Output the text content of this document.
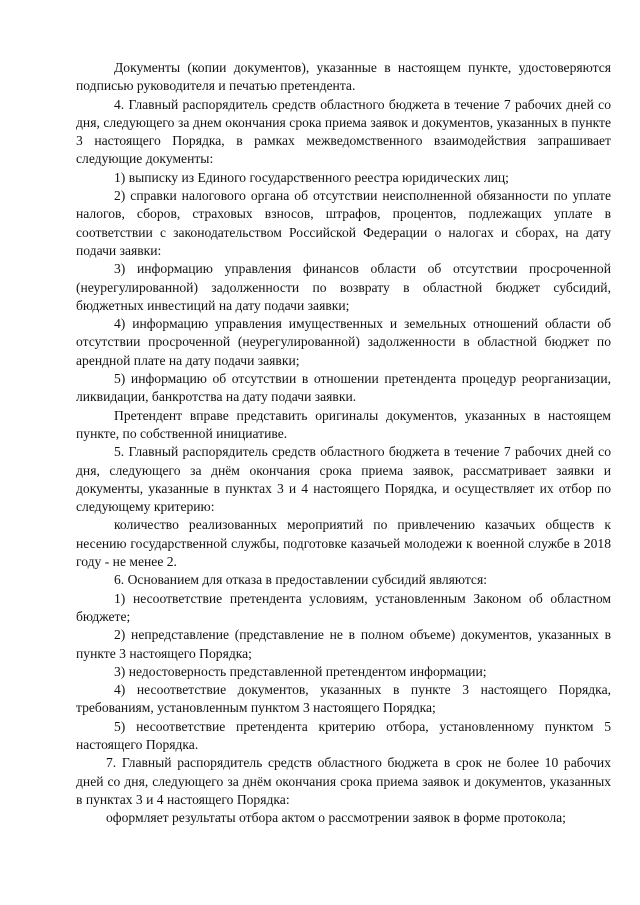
Документы (копии документов), указанные в настоящем пункте, удостоверяются подписью руководителя и печатью претендента.

4. Главный распорядитель средств областного бюджета в течение 7 рабочих дней со дня, следующего за днем окончания срока приема заявок и документов, указанных в пункте 3 настоящего Порядка, в рамках межведомственного взаимодействия запрашивает следующие документы:

1) выписку из Единого государственного реестра юридических лиц;

2) справки налогового органа об отсутствии неисполненной обязанности по уплате налогов, сборов, страховых взносов, штрафов, процентов, подлежащих уплате в соответствии с законодательством Российской Федерации о налогах и сборах, на дату подачи заявки:

3) информацию управления финансов области об отсутствии просроченной (неурегулированной) задолженности по возврату в областной бюджет субсидий, бюджетных инвестиций на дату подачи заявки;

4) информацию управления имущественных и земельных отношений области об отсутствии просроченной (неурегулированной) задолженности в областной бюджет по арендной плате на дату подачи заявки;

5) информацию об отсутствии в отношении претендента процедур реорганизации, ликвидации, банкротства на дату подачи заявки.

Претендент вправе представить оригиналы документов, указанных в настоящем пункте, по собственной инициативе.

5. Главный распорядитель средств областного бюджета в течение 7 рабочих дней со дня, следующего за днём окончания срока приема заявок, рассматривает заявки и документы, указанные в пунктах 3 и 4 настоящего Порядка, и осуществляет их отбор по следующему критерию:

количество реализованных мероприятий по привлечению казачьих обществ к несению государственной службы, подготовке казачьей молодежи к военной службе в 2018 году - не менее 2.

6. Основанием для отказа в предоставлении субсидий являются:

1) несоответствие претендента условиям, установленным Законом об областном бюджете;

2) непредставление (представление не в полном объеме) документов, указанных в пункте 3 настоящего Порядка;

3) недостоверность представленной претендентом информации;

4) несоответствие документов, указанных в пункте 3 настоящего Порядка, требованиям, установленным пунктом 3 настоящего Порядка;

5) несоответствие претендента критерию отбора, установленному пунктом 5 настоящего Порядка.

7. Главный распорядитель средств областного бюджета в срок не более 10 рабочих дней со дня, следующего за днём окончания срока приема заявок и документов, указанных в пунктах 3 и 4 настоящего Порядка:

оформляет результаты отбора актом о рассмотрении заявок в форме протокола;
